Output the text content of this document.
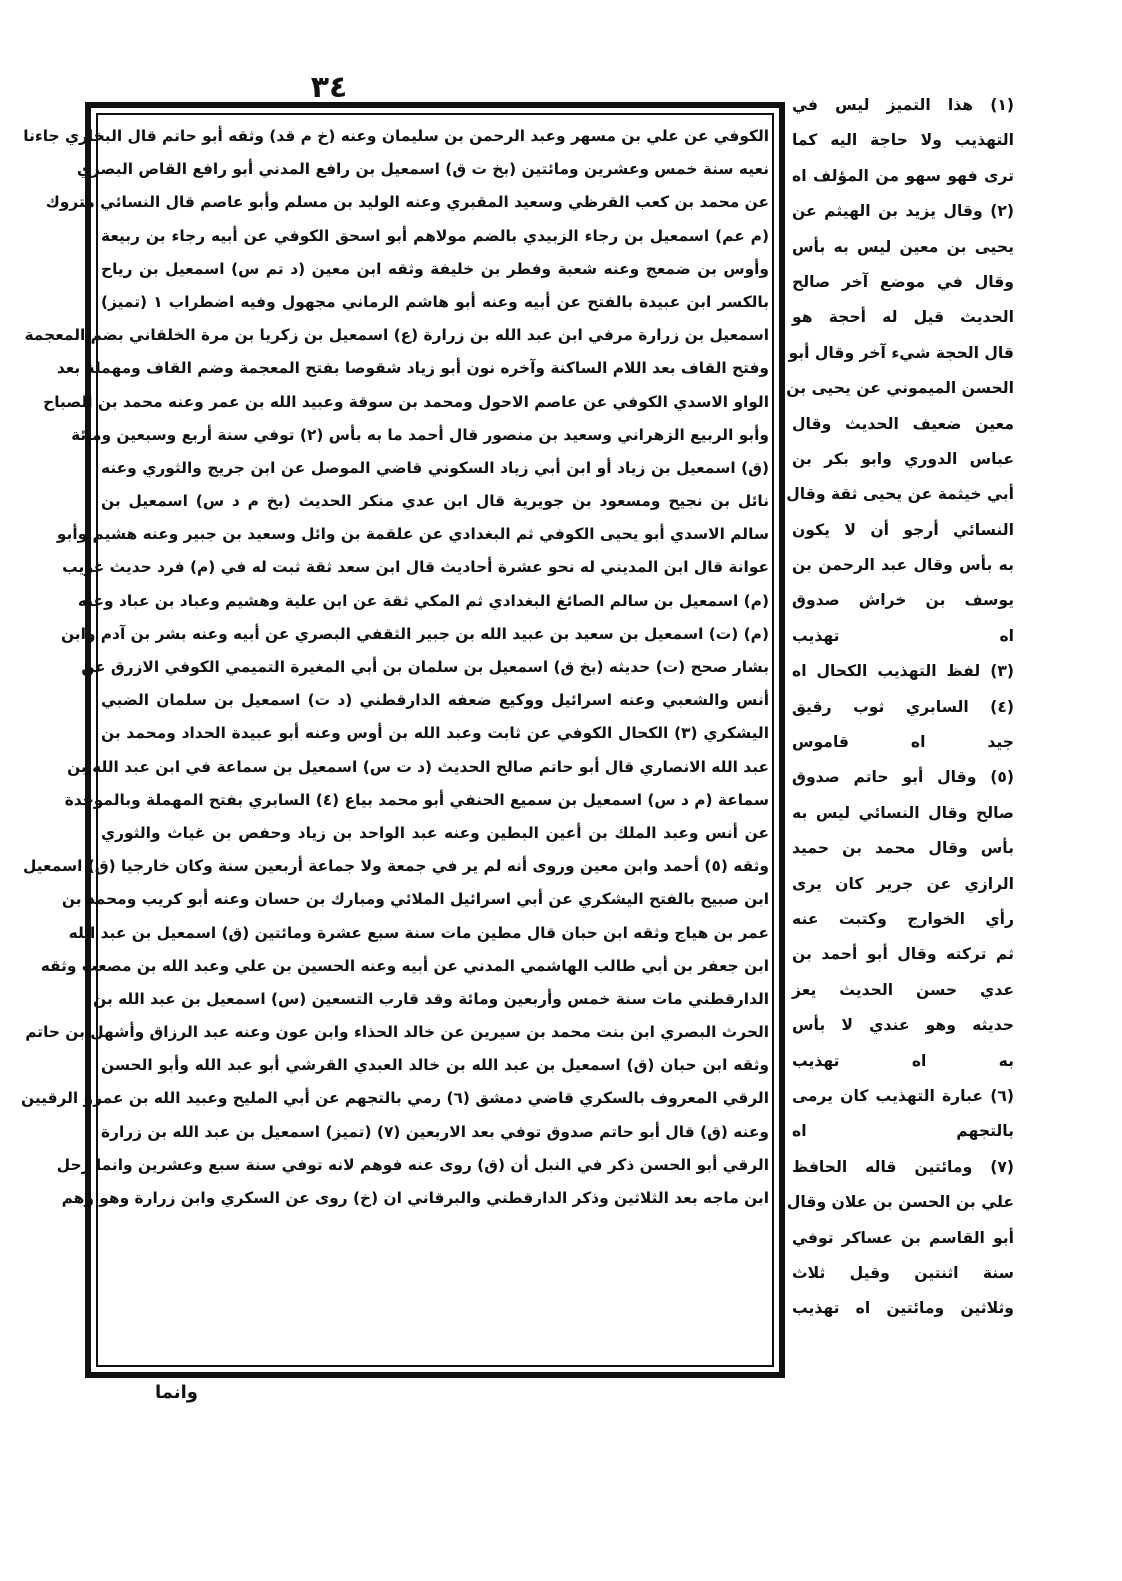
٣٤	(١) هذا التميز ليس في
التهذيب ولا حاجة اليه كما
ترى فهو سهو من المؤلف اه
(٢) وقال يزيد بن الهيثم عن
يحيى بن معين ليس به بأس
وقال في موضع آخر صالح
الحديث قيل له أحجة هو
قال الحجة شيء آخر وقال أبو
الحسن الميموني عن يحيى بن
معين ضعيف الحديث وقال
عباس الدوري وابو بكر بن
أبي خيثمة عن يحيى ثقة وقال
النسائي أرجو أن لا يكون
به بأس وقال عبد الرحمن بن
يوسف بن خراش صدوق
اه تهذيب
(٣) لفظ التهذيب الكحال اه
(٤) السابري ثوب رقيق
جيد اه قاموس
(٥) وقال أبو حاتم صدوق
صالح وقال النسائي ليس به
بأس وقال محمد بن حميد
الرازي عن جرير كان يرى
رأي الخوارج وكتبت عنه
ثم تركته وقال أبو أحمد بن
عدي حسن الحديث يعز
حديثه وهو عندي لا بأس
به اه تهذيب
(٦) عبارة التهذيب كان يرمى
بالتجهم اه
(٧) ومائتين قاله الحافظ
علي بن الحسن بن علان وقال
أبو القاسم بن عساكر توفي
سنة اثنتين وقيل ثلاث
وثلاثين ومائتين اه تهذيب
الكوفي عن علي بن مسهر وعبد الرحمن بن سليمان وعنه (خ م قد) وثقه أبو حاتم قال البخاري جاءنا
نعيه سنة خمس وعشرين ومائتين (بخ ت ق) اسمعيل بن رافع المدني أبو رافع القاص البصري
عن محمد بن كعب القرظي وسعيد المقبري وعنه الوليد بن مسلم وأبو عاصم قال النسائي متروك
(م عم) اسمعيل بن رجاء الزبيدي بالضم مولاهم أبو اسحق الكوفي عن أبيه رجاء بن ربيعة
وأوس بن ضمعج وعنه شعبة وفطر بن خليفة وثقه ابن معين (د تم س) اسمعيل بن رياح
بالكسر ابن عبيدة بالفتح عن أبيه وعنه أبو هاشم الرماني مجهول وفيه اضطراب ١ (تميز)
اسمعيل بن زرارة مرفي ابن عبد الله بن زرارة (ع) اسمعيل بن زكريا بن مرة الخلقاني بضم المعجمة
وفتح القاف بعد اللام الساكنة وآخره نون أبو زياد شقوصا بفتح المعجمة وضم القاف ومهملة بعد
الواو الاسدي الكوفي عن عاصم الاحول ومحمد بن سوقة وعبيد الله بن عمر وعنه محمد بن الصباح
وأبو الربيع الزهراني وسعيد بن منصور قال أحمد ما به بأس (٢) توفي سنة أربع وسبعين ومائة
(ق) اسمعيل بن زياد أو ابن أبي زياد السكوني قاضي الموصل عن ابن جريج والثوري وعنه
نائل بن نجيح ومسعود بن جويرية قال ابن عدي منكر الحديث (بخ م د س) اسمعيل بن
سالم الاسدي أبو يحيى الكوفي ثم البغدادي عن علقمة بن وائل وسعيد بن جبير وعنه هشيم وأبو
عوانة قال ابن المديني له نحو عشرة أحاديث قال ابن سعد ثقة ثبت له في (م) فرد حديث غريب
(م) اسمعيل بن سالم الصائغ البغدادي ثم المكي ثقة عن ابن علية وهشيم وعباد بن عباد وعنه
(م) (ت) اسمعيل بن سعيد بن عبيد الله بن جبير الثقفي البصري عن أبيه وعنه بشر بن آدم وابن
بشار صحح (ت) حديثه (بخ ق) اسمعيل بن سلمان بن أبي المغيرة التميمي الكوفي الازرق عن
أنس والشعبي وعنه اسرائيل ووكيع ضعفه الدارقطني (د ت) اسمعيل بن سلمان الضبي
اليشكري (٣) الكحال الكوفي عن ثابت وعبد الله بن أوس وعنه أبو عبيدة الحداد ومحمد بن
عبد الله الانصاري قال أبو حاتم صالح الحديث (د ت س) اسمعيل بن سماعة في ابن عبد الله بن
سماعة (م د س) اسمعيل بن سميع الحنفي أبو محمد بياع (٤) السابري بفتح المهملة وبالموحدة
عن أنس وعبد الملك بن أعين البطين وعنه عبد الواحد بن زياد وحفص بن غياث والثوري
وثقه (٥) أحمد وابن معين وروى أنه لم ير في جمعة ولا جماعة أربعين سنة وكان خارجيا (ق) اسمعيل
ابن صبيح بالفتح اليشكري عن أبي اسرائيل الملائي ومبارك بن حسان وعنه أبو كريب ومحمد بن
عمر بن هياج وثقه ابن حبان قال مطين مات سنة سبع عشرة ومائتين (ق) اسمعيل بن عبد الله
ابن جعفر بن أبي طالب الهاشمي المدني عن أبيه وعنه الحسين بن علي وعبد الله بن مصعب وثقه
الدارقطني مات سنة خمس وأربعين ومائة وقد قارب التسعين (س) اسمعيل بن عبد الله بن
الحرث البصري ابن بنت محمد بن سيرين عن خالد الحذاء وابن عون وعنه عبد الرزاق وأشهل بن حاتم
وثقه ابن حبان (ق) اسمعيل بن عبد الله بن خالد العبدي القرشي أبو عبد الله وأبو الحسن
الرقي المعروف بالسكري قاضي دمشق (٦) رمي بالتجهم عن أبي المليح وعبيد الله بن عمرو الرقيين
وعنه (ق) قال أبو حاتم صدوق توفي بعد الاربعين (٧) (تميز) اسمعيل بن عبد الله بن زرارة
الرقي أبو الحسن ذكر في النبل أن (ق) روى عنه فوهم لانه توفي سنة سبع وعشرين وانما رحل
ابن ماجه بعد الثلاثين وذكر الدارقطني والبرقاني ان (خ) روى عن السكري وابن زرارة وهو وهم
وانما
